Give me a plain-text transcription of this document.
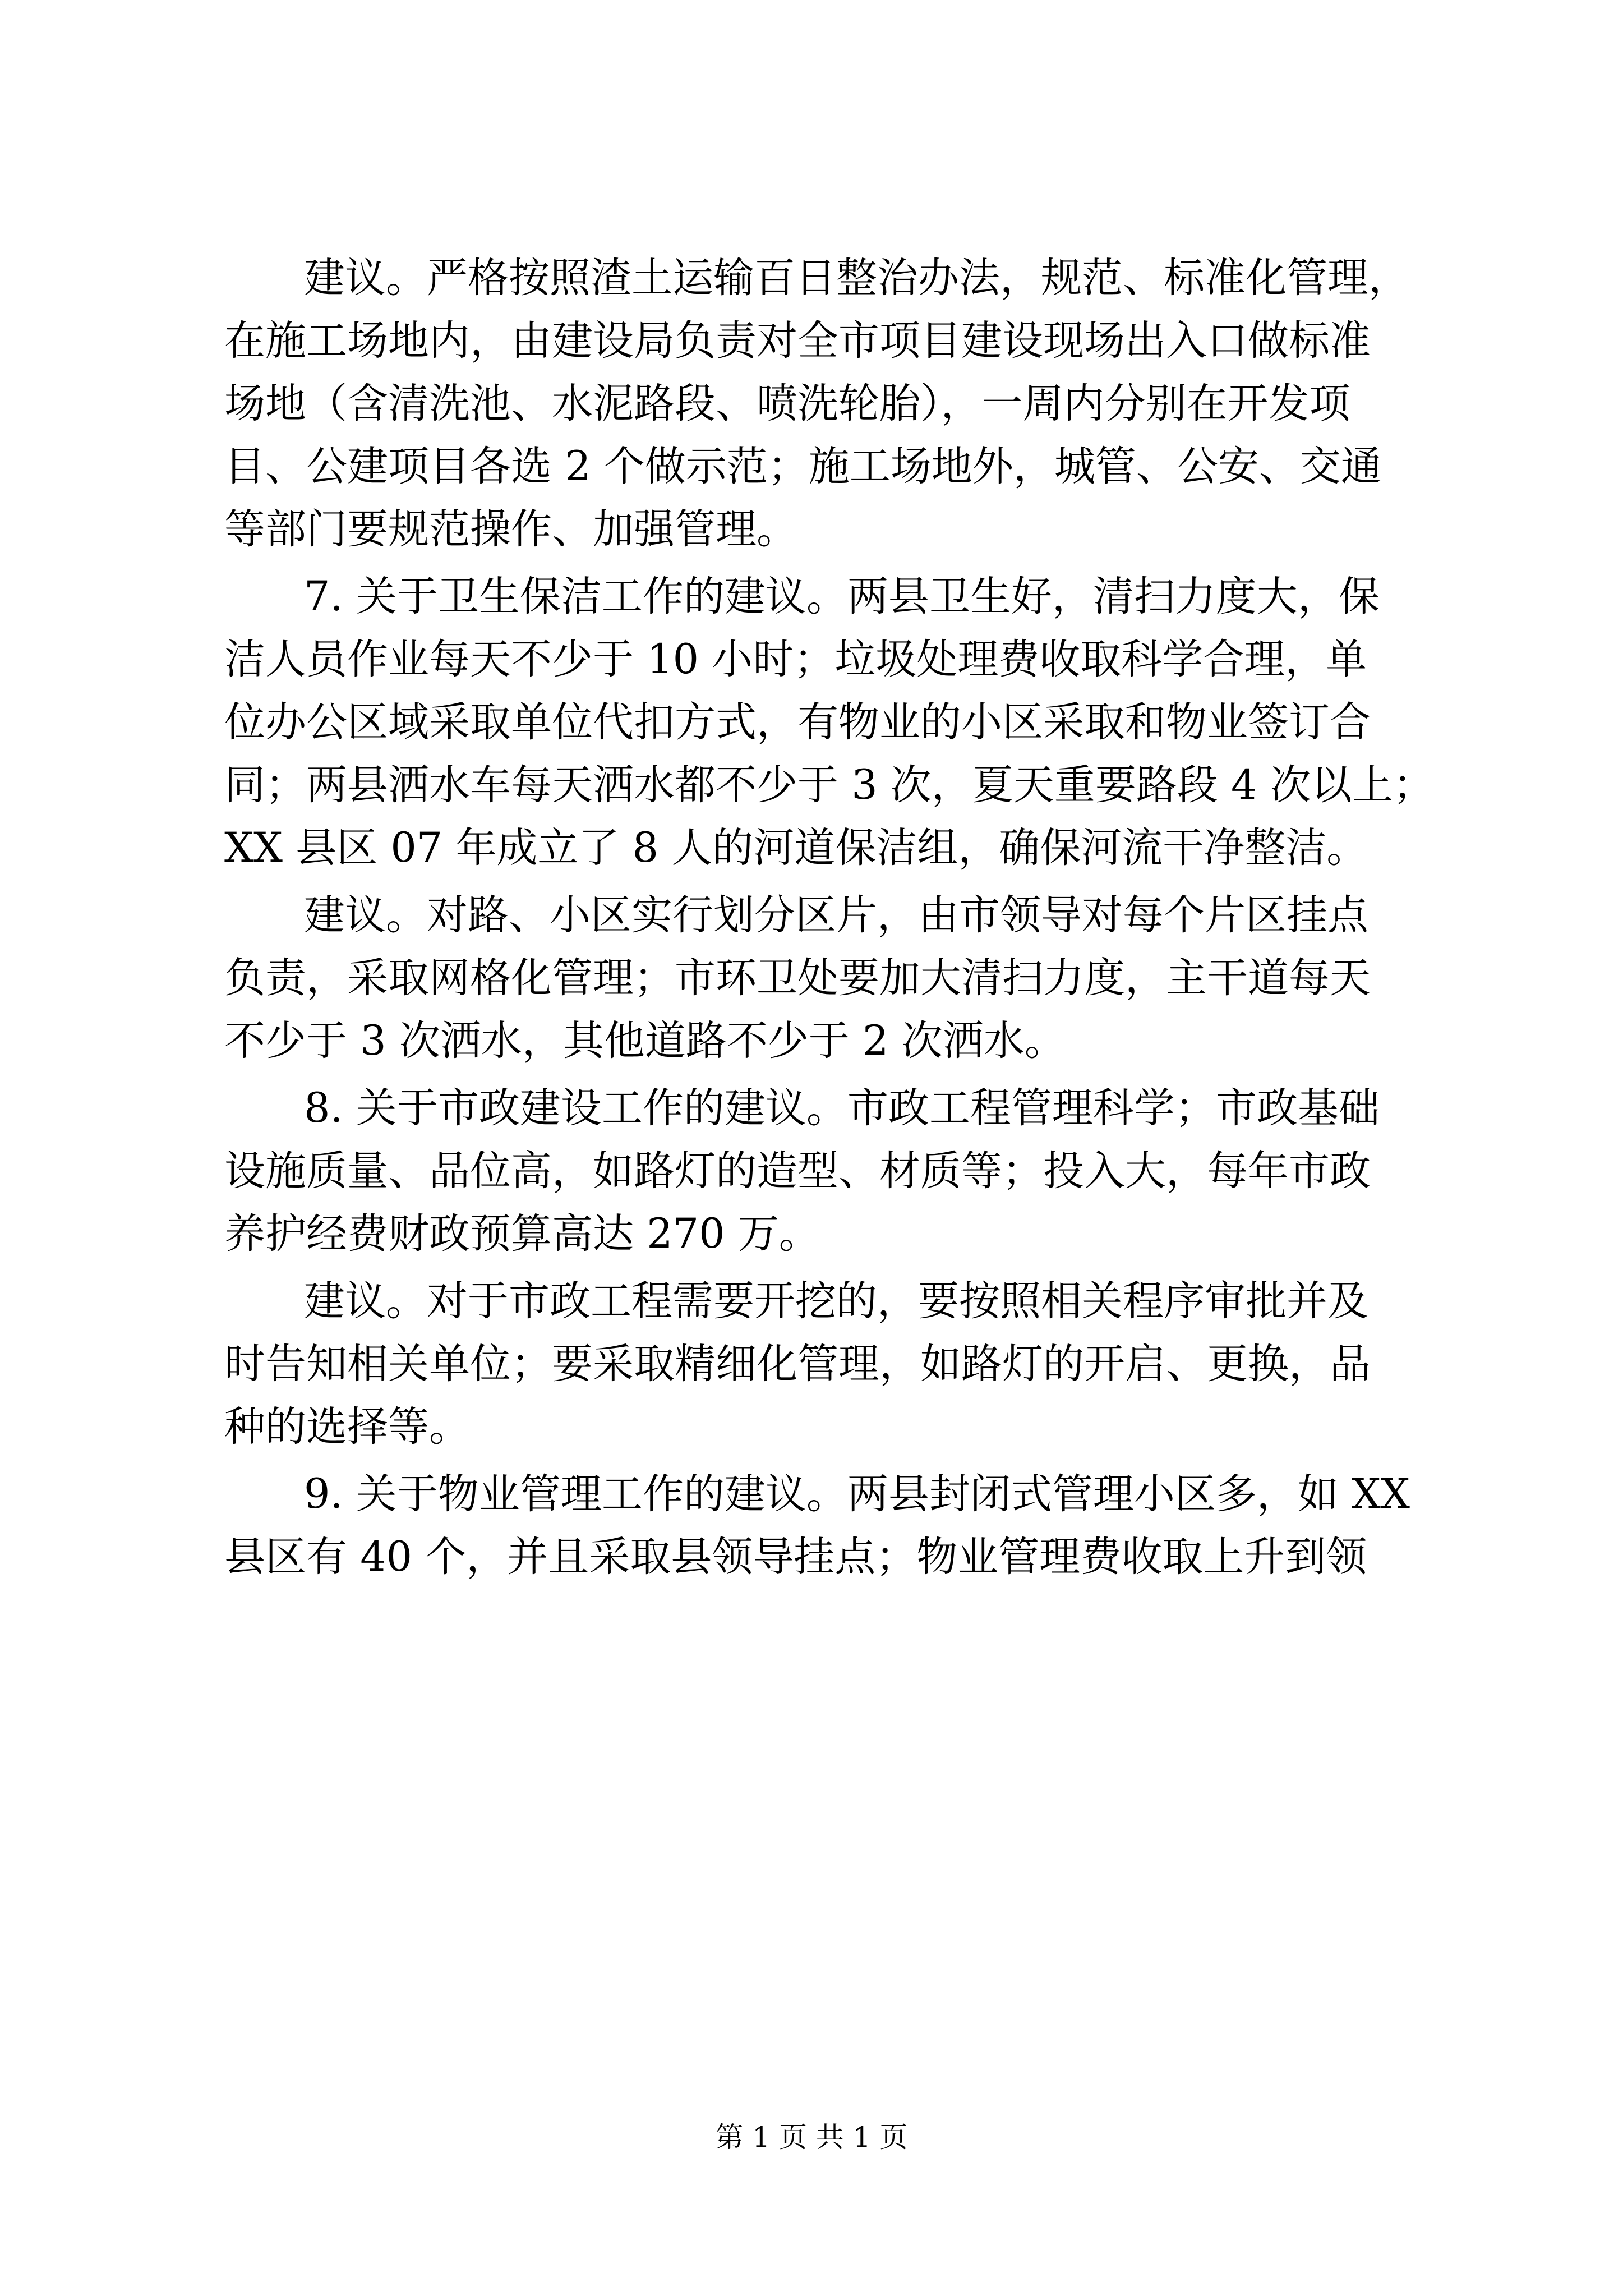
建议。严格按照渣土运输百日整治办法，规范、标准化管理，
在施工场地内，由建设局负责对全市项目建设现场出入口做标准
场地（含清洗池、水泥路段、喷洗轮胎），一周内分别在开发项
目、公建项目各选 2 个做示范；施工场地外，城管、公安、交通
等部门要规范操作、加强管理。
7. 关于卫生保洁工作的建议。两县卫生好，清扫力度大，保
洁人员作业每天不少于 10 小时；垃圾处理费收取科学合理，单
位办公区域采取单位代扣方式，有物业的小区采取和物业签订合
同；两县洒水车每天洒水都不少于 3 次，夏天重要路段 4 次以上；
XX 县区 07 年成立了 8 人的河道保洁组，确保河流干净整洁。
建议。对路、小区实行划分区片，由市领导对每个片区挂点
负责，采取网格化管理；市环卫处要加大清扫力度，主干道每天
不少于 3 次洒水，其他道路不少于 2 次洒水。
8. 关于市政建设工作的建议。市政工程管理科学；市政基础
设施质量、品位高，如路灯的造型、材质等；投入大，每年市政
养护经费财政预算高达 270 万。
建议。对于市政工程需要开挖的，要按照相关程序审批并及
时告知相关单位；要采取精细化管理，如路灯的开启、更换，品
种的选择等。
9. 关于物业管理工作的建议。两县封闭式管理小区多，如 XX
县区有 40 个，并且采取县领导挂点；物业管理费收取上升到领
第 1 页 共 1 页
